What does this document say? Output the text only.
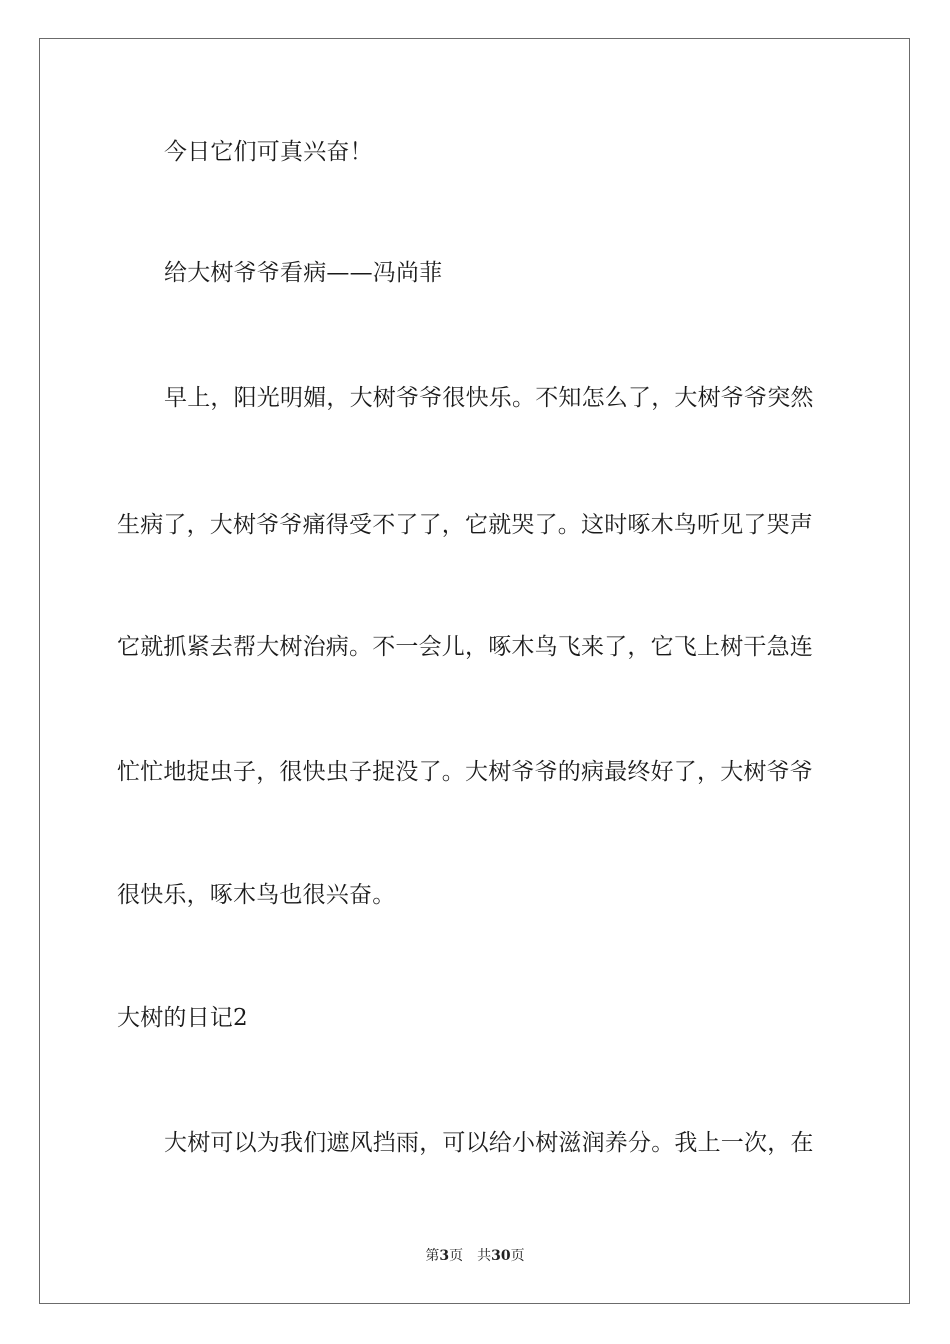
今日它们可真兴奋！
给大树爷爷看病——冯尚菲
早上，阳光明媚，大树爷爷很快乐。不知怎么了，大树爷爷突然
生病了，大树爷爷痛得受不了了，它就哭了。这时啄木鸟听见了哭声
它就抓紧去帮大树治病。不一会儿，啄木鸟飞来了，它飞上树干急连
忙忙地捉虫子，很快虫子捉没了。大树爷爷的病最终好了，大树爷爷
很快乐，啄木鸟也很兴奋。
大树的日记2
大树可以为我们遮风挡雨，可以给小树滋润养分。我上一次，在
第3页 共30页
